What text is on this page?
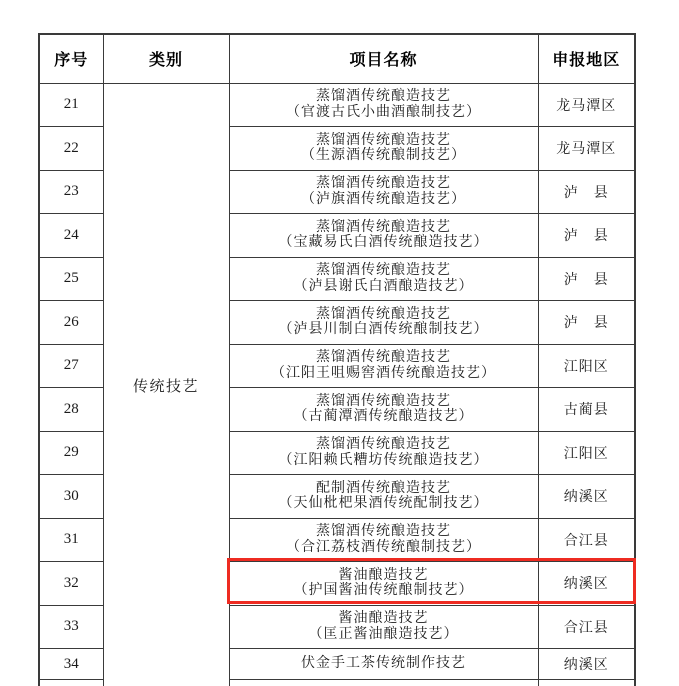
序号	类别	项目名称	申报地区
21	传统技艺	蒸馏酒传统酿造技艺
（官渡古氏小曲酒酿制技艺）	龙马潭区
22		蒸馏酒传统酿造技艺
（生源酒传统酿制技艺）	龙马潭区
23		蒸馏酒传统酿造技艺
（泸旗酒传统酿造技艺）	泸　县
24		蒸馏酒传统酿造技艺
（宝藏易氏白酒传统酿造技艺）	泸　县
25		蒸馏酒传统酿造技艺
（泸县谢氏白酒酿造技艺）	泸　县
26		蒸馏酒传统酿造技艺
（泸县川制白酒传统酿制技艺）	泸　县
27		蒸馏酒传统酿造技艺
（江阳王咀赐窖酒传统酿造技艺）	江阳区
28		蒸馏酒传统酿造技艺
（古蔺潭酒传统酿造技艺）	古蔺县
29		蒸馏酒传统酿造技艺
（江阳赖氏糟坊传统酿造技艺）	江阳区
30		配制酒传统酿造技艺
（天仙枇杷果酒传统配制技艺）	纳溪区
31		蒸馏酒传统酿造技艺
（合江荔枝酒传统酿制技艺）	合江县
32		酱油酿造技艺
（护国酱油传统酿制技艺）	纳溪区
33		酱油酿造技艺
（匡正酱油酿造技艺）	合江县
34		伏金手工茶传统制作技艺	纳溪区
